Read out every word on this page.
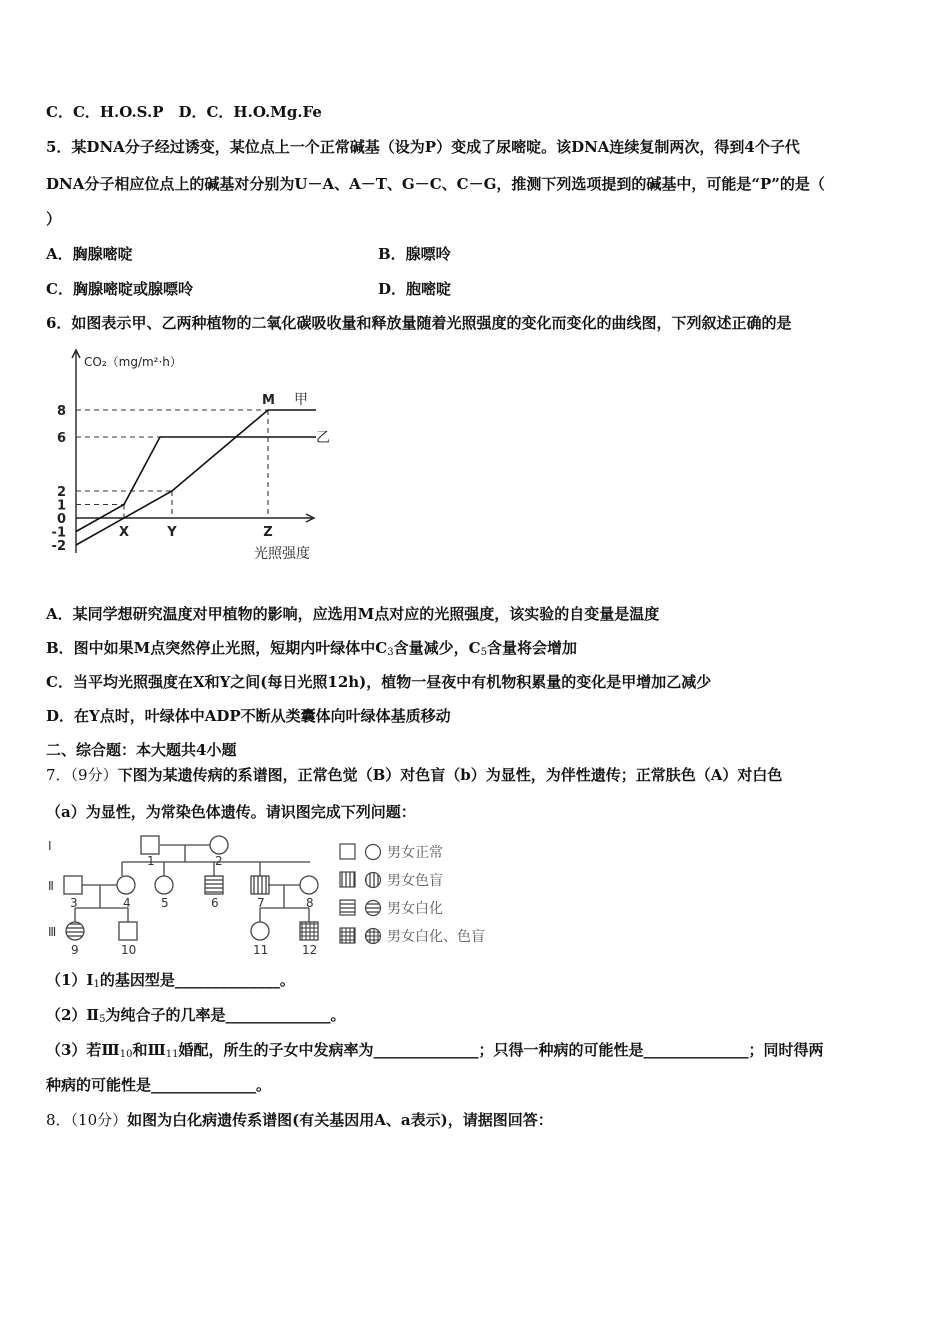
C．C．H.O.S.P　D．C．H.O.Mg.Fe
5．某DNA分子经过诱变，某位点上一个正常碱基（设为P）变成了尿嘧啶。该DNA连续复制两次，得到4个子代
DNA分子相应位点上的碱基对分别为U－A、A－T、G－C、C－G，推测下列选项提到的碱基中，可能是“P”的是（
）
A．胸腺嘧啶	B．腺嘌呤
C．胸腺嘧啶或腺嘌呤	D．胞嘧啶
6．如图表示甲、乙两种植物的二氧化碳吸收量和释放量随着光照强度的变化而变化的曲线图，下列叙述正确的是
CO₂（mg/m²·h）
8
6
2
1
0
-1
-2
X	Y	Z
光照强度
甲
乙
M
A．某同学想研究温度对甲植物的影响，应选用M点对应的光照强度，该实验的自变量是温度
B．图中如果M点突然停止光照，短期内叶绿体中$C_3$含量减少，$C_5$含量将会增加
C．当平均光照强度在X和Y之间(每日光照12h)，植物一昼夜中有机物积累量的变化是甲增加乙减少
D．在Y点时，叶绿体中ADP不断从类囊体向叶绿体基质移动
二、综合题：本大题共4小题
7．（9分）下图为某遗传病的系谱图，正常色觉（B）对色盲（b）为显性，为伴性遗传；正常肤色（A）对白色
（a）为显性，为常染色体遗传。请识图完成下列问题：
Ⅰ
Ⅱ
Ⅲ
1	2
3	4	5	6	7	8
9	10	11	12
男女正常
男女色盲
男女白化
男女白化、色盲
$(1)Ⅰ_1$的基因型是______________。
$(2)Ⅱ_5$为纯合子的几率是______________。
（3）若$Ⅲ_{10}$和$Ⅲ_{11}$婚配，所生的子女中发病率为______________；只得一种病的可能性是______________；同时得两
种病的可能性是______________。
8．（10分）如图为白化病遗传系谱图(有关基因用A、a表示)，请据图回答：
